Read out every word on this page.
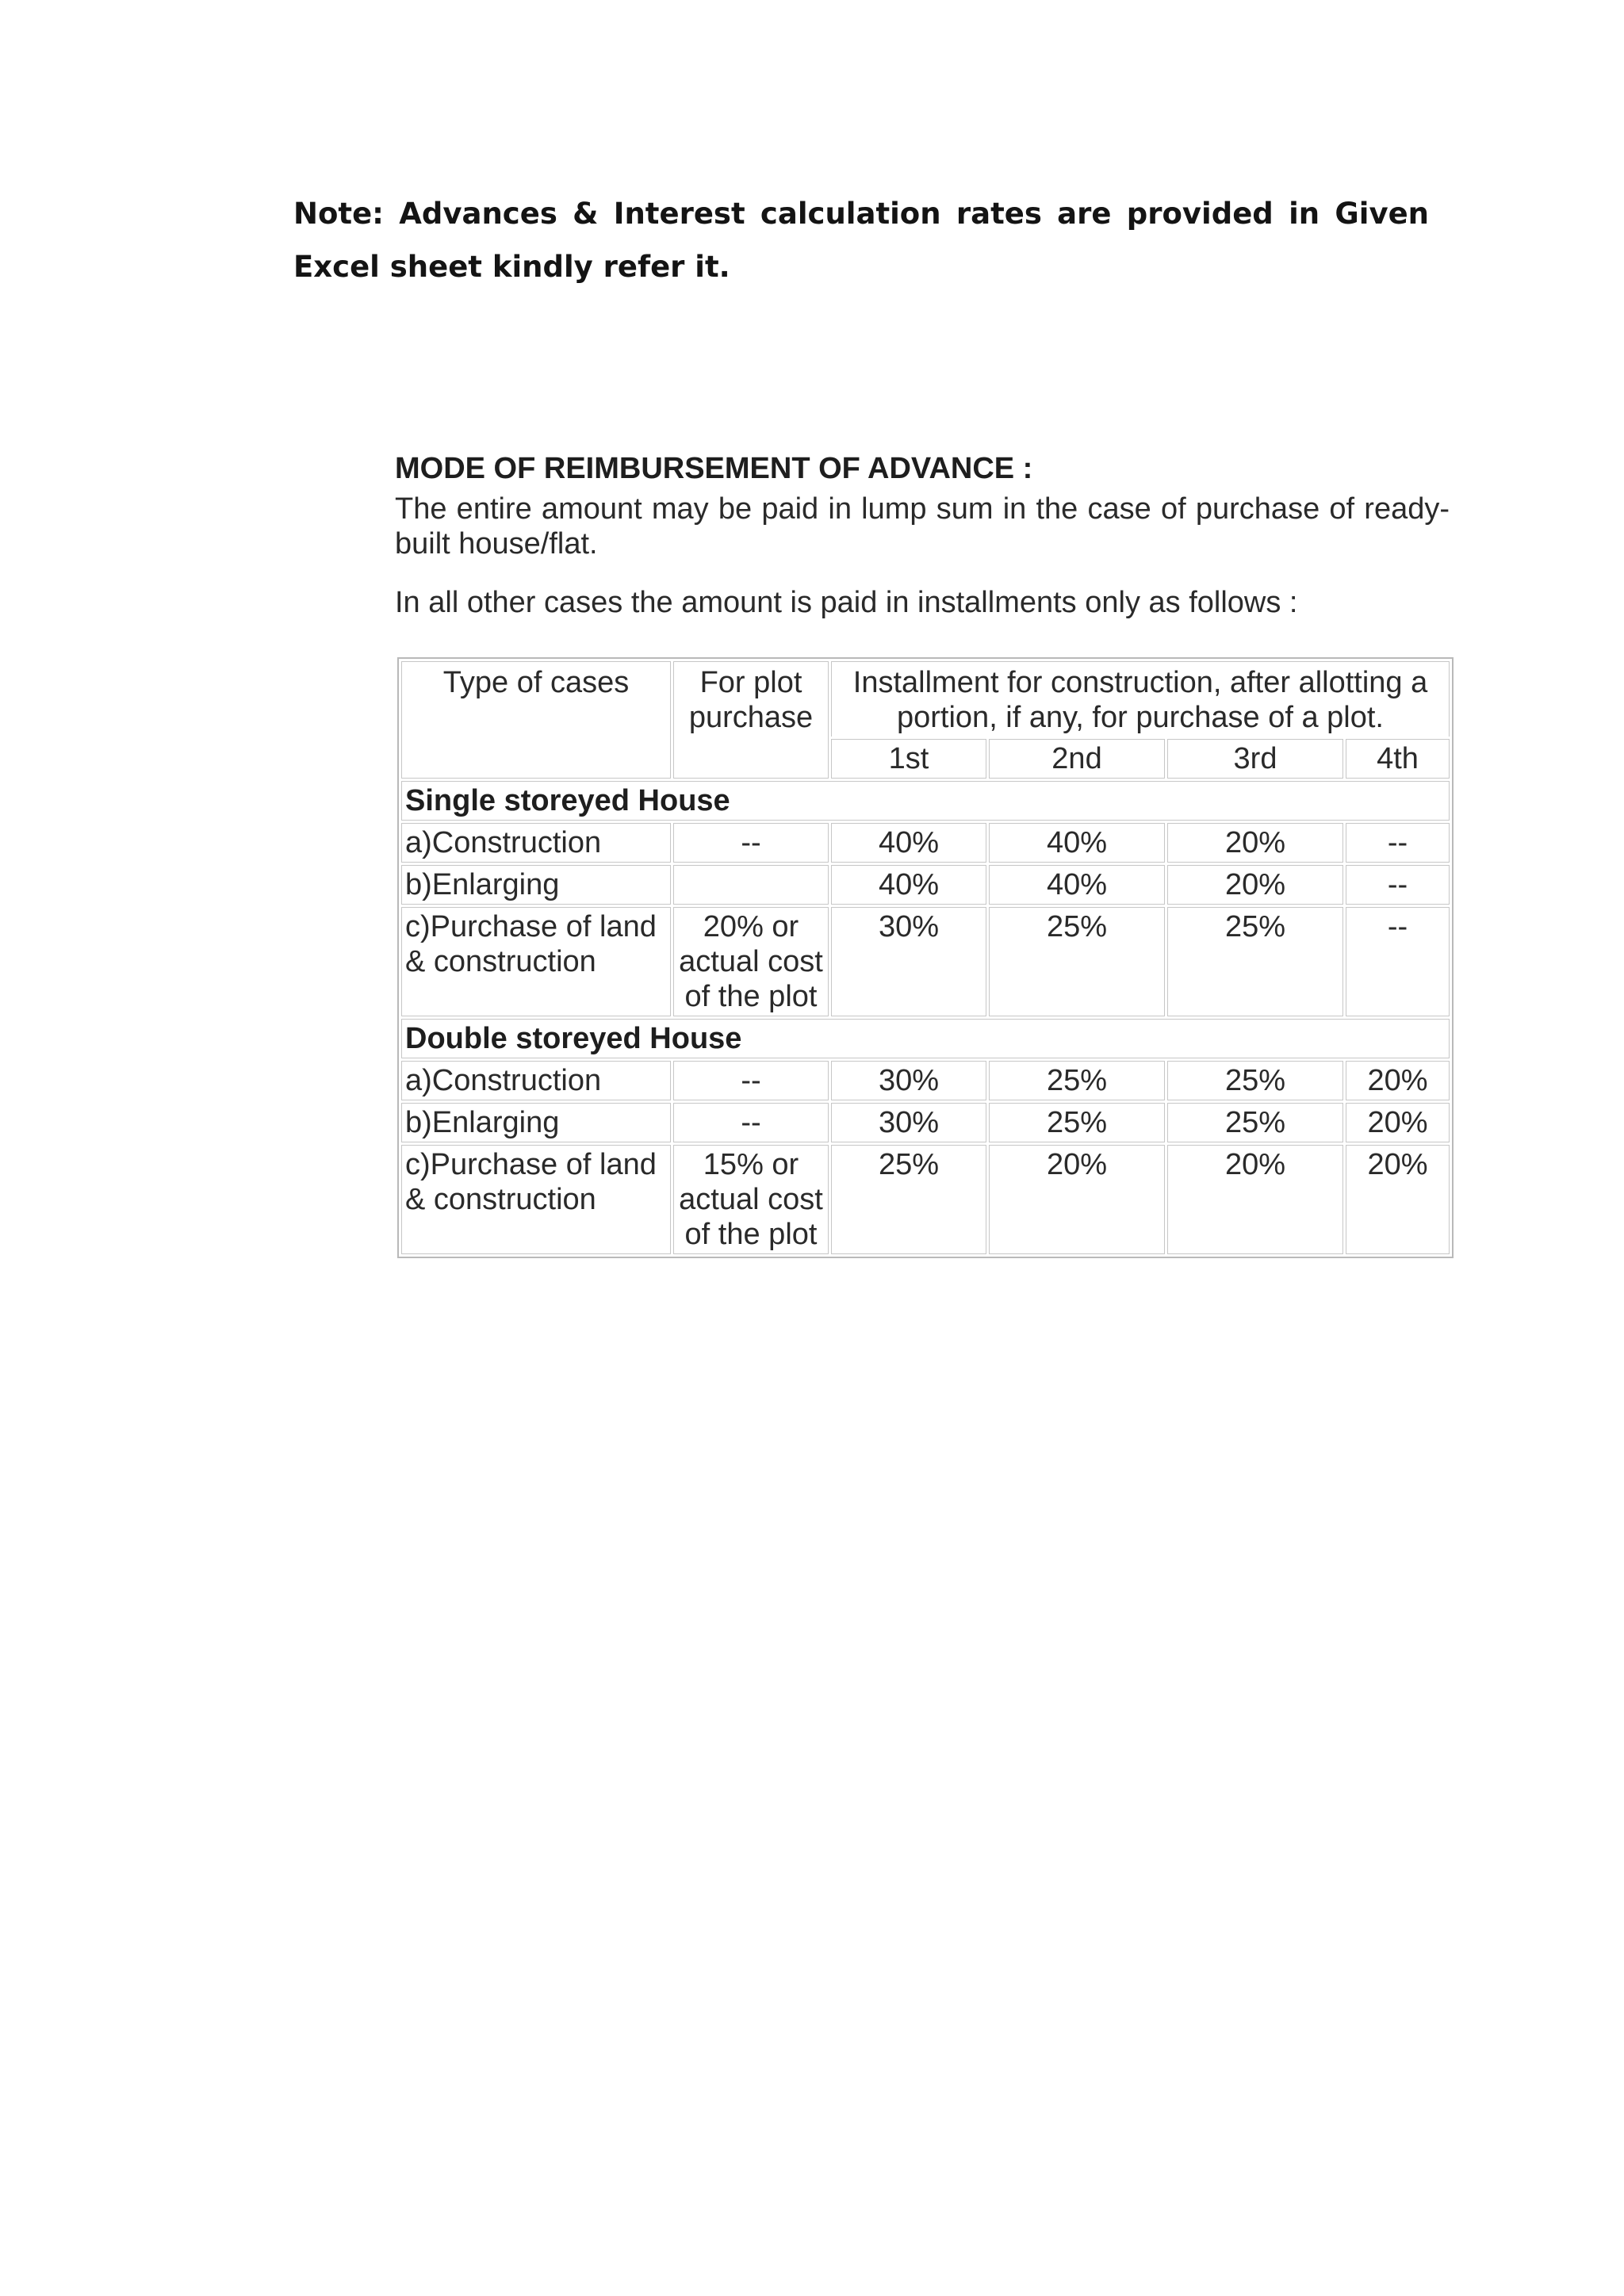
Note: Advances & Interest calculation rates are provided in Given Excel sheet kindly refer it.
MODE OF REIMBURSEMENT OF ADVANCE :

The entire amount may be paid in lump sum in the case of purchase of ready-built house/flat.

In all other cases the amount is paid in installments only as follows :

Type of cases	For plot purchase	Installment for construction, after allotting a portion, if any, for purchase of a plot.			
		1st	2nd	3rd	4th
Single storeyed House					
a)Construction	--	40%	40%	20%	--
b)Enlarging		40%	40%	20%	--
c)Purchase of land & construction	20% or actual cost of the plot	30%	25%	25%	--
Double storeyed House					
a)Construction	--	30%	25%	25%	20%
b)Enlarging	--	30%	25%	25%	20%
c)Purchase of land & construction	15% or actual cost of the plot	25%	20%	20%	20%
